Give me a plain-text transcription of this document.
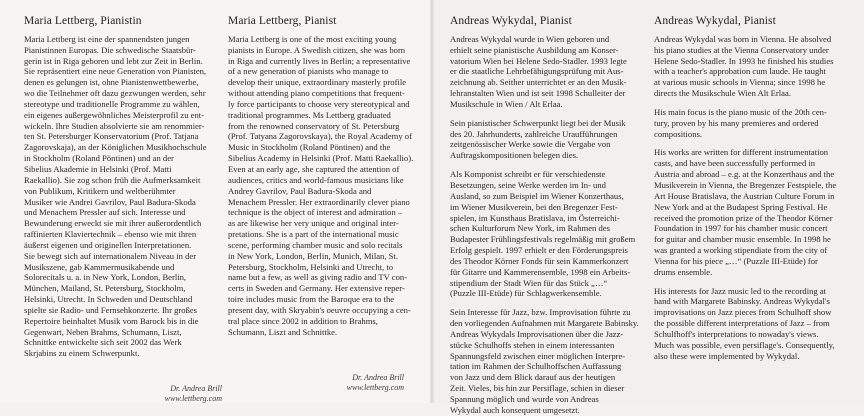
Maria Lettberg, Pianistin

Maria Lettberg ist eine der spannendsten jungen
Pianistinnen Europas. Die schwedische Staatsbür-
gerin ist in Riga geboren und lebt zur Zeit in Berlin.
Sie repräsentiert eine neue Generation von Pianisten,
denen es gelungen ist, ohne Pianistenwettbewerbe,
wo die Teilnehmer oft dazu gezwungen werden, sehr
stereotype und traditionelle Programme zu wählen,
ein eigenes außergewöhnliches Meisterprofil zu ent-
wickeln. Ihre Studien absolvierte sie am renommier-
ten St. Petersburger Konservatorium (Prof. Tatjana
Zagorovskaja), an der Königlichen Musikhochschule
in Stockholm (Roland Pöntinen) und an der
Sibelius Akademie in Helsinki (Prof. Matti
Raekallio). Sie zog schon früh die Aufmerksamkeit
von Publikum, Kritikern und weltberühmter
Musiker wie Andrei Gavrilov, Paul Badura-Skoda
und Menachem Pressler auf sich. Interesse und
Bewunderung erweckt sie mit ihrer außerordentlich
raffinierten Klaviertechnik – ebenso wie mit ihren
äußerst eigenen und originellen Interpretationen.
Sie bewegt sich auf internationalem Niveau in der
Musikszene, gab Kammermusikabende und
Solorecitals u. a. in New York, London, Berlin,
München, Mailand, St. Petersburg, Stockholm,
Helsinki, Utrecht. In Schweden und Deutschland
spielte sie Radio- und Fernsehkonzerte. Ihr großes
Repertoire beinhaltet Musik vom Barock bis in die
Gegenwart, Neben Brahms, Schumann, Liszt,
Schnittke entwickelte sich seit 2002 das Werk
Skrjabins zu einem Schwerpunkt.

Maria Lettberg, Pianist

Maria Lettberg is one of the most exciting young
pianists in Europe. A Swedish citizen, she was born
in Riga and currently lives in Berlin; a representative
of a new generation of pianists who manage to
develop their unique, extraordinary masterly profile
without attending piano competitions that frequent-
ly force participants to choose very stereotypical and
traditional programmes. Ms Lettberg graduated
from the renowned conservatory of St. Petersburg
(Prof. Tatyana Zagorovskaya), the Royal Academy of
Music in Stockholm (Roland Pöntinen) and the
Sibelius Academy in Helsinki (Prof. Matti Raekallio).
Even at an early age, she captured the attention of
audiences, critics and world-famous musicians like
Andrey Gavrilov, Paul Badura-Skoda and
Menachem Pressler. Her extraordinarily clever piano
technique is the object of interest and admiration –
as are likewise her very unique and original inter-
pretations. She is a part of the international music
scene, performing chamber music and solo recitals
in New York, London, Berlin, Munich, Milan, St.
Petersburg, Stockholm, Helsinki and Utrecht, to
name but a few, as well as giving radio and TV con-
certs in Sweden and Germany. Her extensive reper-
toire includes music from the Baroque era to the
present day, with Skryabin's oeuvre occupying a cen-
tral place since 2002 in addition to Brahms,
Schumann, Liszt and Schnittke.

Andreas Wykydal, Pianist

Andreas Wykydal wurde in Wien geboren und
erhielt seine pianistische Ausbildung am Konser-
vatorium Wien bei Helene Sedo-Stadler. 1993 legte
er die staatliche Lehrbefähigungsprüfung mit Aus-
zeichnung ab. Seither unterrichtet er an den Musik-
lehranstalten Wien und ist seit 1998 Schulleiter der
Musikschule in Wien / Alt Erlaa.

Sein pianistischer Schwerpunkt liegt bei der Musik
des 20. Jahrhunderts, zahlreiche Uraufführungen
zeitgenössischer Werke sowie die Vergabe von
Auftragskompositionen belegen dies.

Als Komponist schreibt er für verschiedenste
Besetzungen, seine Werke werden im In- und
Ausland, so zum Beispiel im Wiener Konzerthaus,
im Wiener Musikverein, bei den Bregenzer Fest-
spielen, im Kunsthaus Bratislava, im Österreichi-
schen Kulturforum New York, im Rahmen des
Budapester Frühlingsfestivals regelmäßig mit großem
Erfolg gespielt. 1997 erhielt er den Förderungspreis
des Theodor Körner Fonds für sein Kammerkonzert
für Gitarre und Kammerensemble, 1998 ein Arbeits-
stipendium der Stadt Wien für das Stück „…“
(Puzzle III-Etüde) für Schlagwerkensemble.

Sein Interesse für Jazz, bzw. Improvisation führte zu
den vorliegenden Aufnahmen mit Margarete Babinsky.
Andreas Wykydals Improvisationen über die Jazz-
stücke Schulhoffs stehen in einem interessanten
Spannungsfeld zwischen einer möglichen Interpre-
tation im Rahmen der Schulhoffschen Auffassung
von Jazz und dem Blick darauf aus der heutigen
Zeit. Vieles, bis hin zur Persiflage, schien in dieser
Spannung möglich und wurde von Andreas
Wykydal auch konsequent umgesetzt.

Andreas Wykydal, Pianist

Andreas Wykydal was born in Vienna. He absolved
his piano studies at the Vienna Conservatory under
Helene Sedo-Stadler. In 1993 he finished his studies
with a teacher's approbation cum laude. He taught
at various music schools in Vienna; since 1998 he
directs the Musikschule Wien Alt Erlaa.

His main focus is the piano music of the 20th cen-
tury, proven by his many premieres and ordered
compositions.

His works are written for different instrumentation
casts, and have been successfully performed in
Austria and abroad – e.g. at the Konzerthaus and the
Musikverein in Vienna, the Bregenzer Festspiele, the
Art House Bratislava, the Austrian Culture Forum in
New York and at the Budapest Spring Festival. He
received the promotion prize of the Theodor Körner
Foundation in 1997 for his chamber music concert
for guitar and chamber music ensemble. In 1998 he
was granted a working stipendiate from the city of
Vienna for his piece „…“ (Puzzle III-Etüde) for
drums ensemble.

His interests for Jazz music led to the recording at
hand with Margarete Babinsky. Andreas Wykydal's
improvisations on Jazz pieces from Schulhoff show
the possible different interpretations of Jazz – from
Schulfhoff's interpretations to nowaday's views.
Much was possible, even persiflage's. Consequently,
also these were implemented by Wykydal.

Dr. Andrea Brill
www.lettberg.com
Dr. Andrea Brill
www.lettberg.com
